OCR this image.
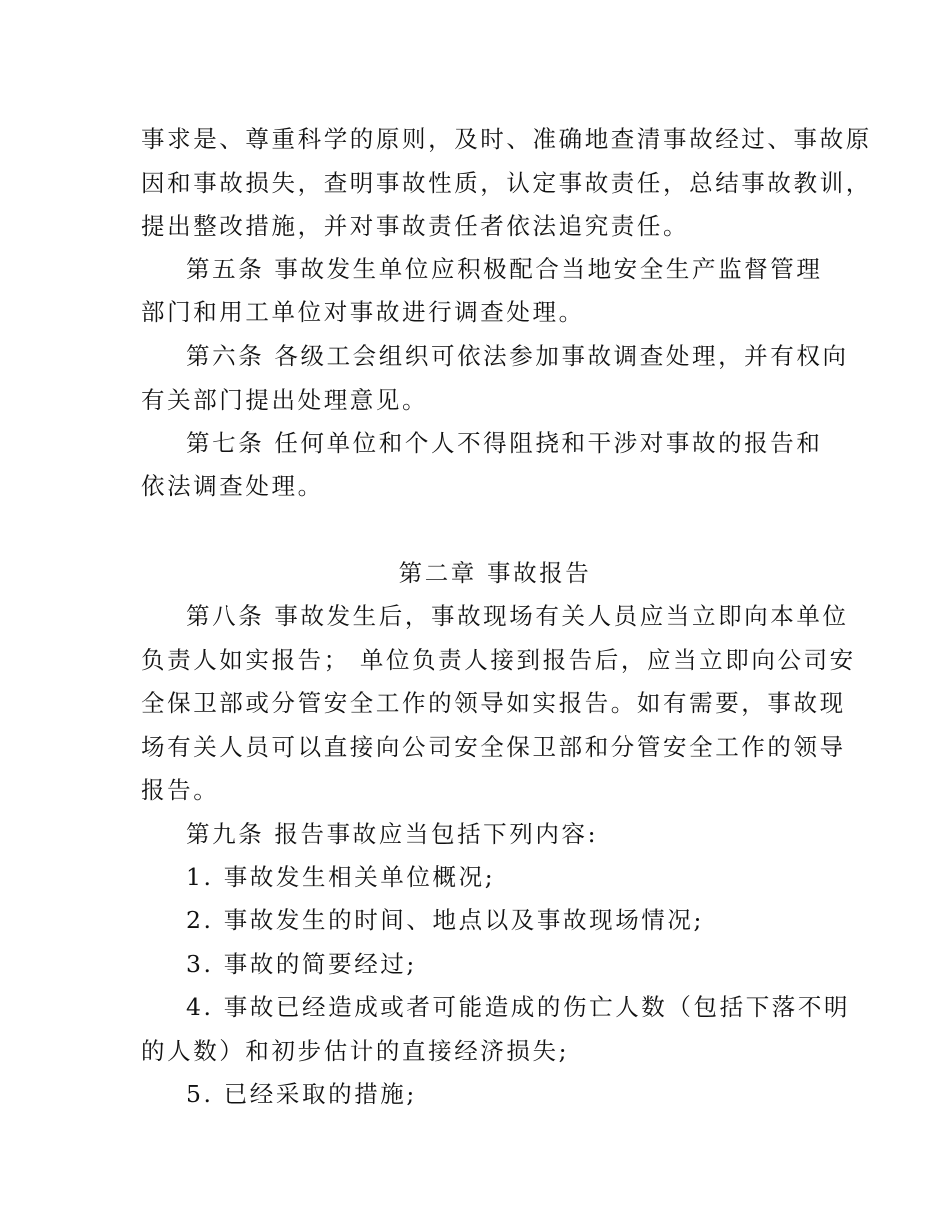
事求是、尊重科学的原则，及时、准确地查清事故经过、事故原
因和事故损失，查明事故性质，认定事故责任，总结事故教训，
提出整改措施，并对事故责任者依法追究责任。
第五条 事故发生单位应积极配合当地安全生产监督管理
部门和用工单位对事故进行调查处理。
第六条 各级工会组织可依法参加事故调查处理，并有权向
有关部门提出处理意见。
第七条 任何单位和个人不得阻挠和干涉对事故的报告和
依法调查处理。
第二章 事故报告
第八条 事故发生后，事故现场有关人员应当立即向本单位
负责人如实报告； 单位负责人接到报告后，应当立即向公司安
全保卫部或分管安全工作的领导如实报告。如有需要，事故现
场有关人员可以直接向公司安全保卫部和分管安全工作的领导
报告。
第九条 报告事故应当包括下列内容:
1. 事故发生相关单位概况;
2. 事故发生的时间、地点以及事故现场情况;
3. 事故的简要经过;
4. 事故已经造成或者可能造成的伤亡人数（包括下落不明
的人数）和初步估计的直接经济损失;
5. 已经采取的措施;
